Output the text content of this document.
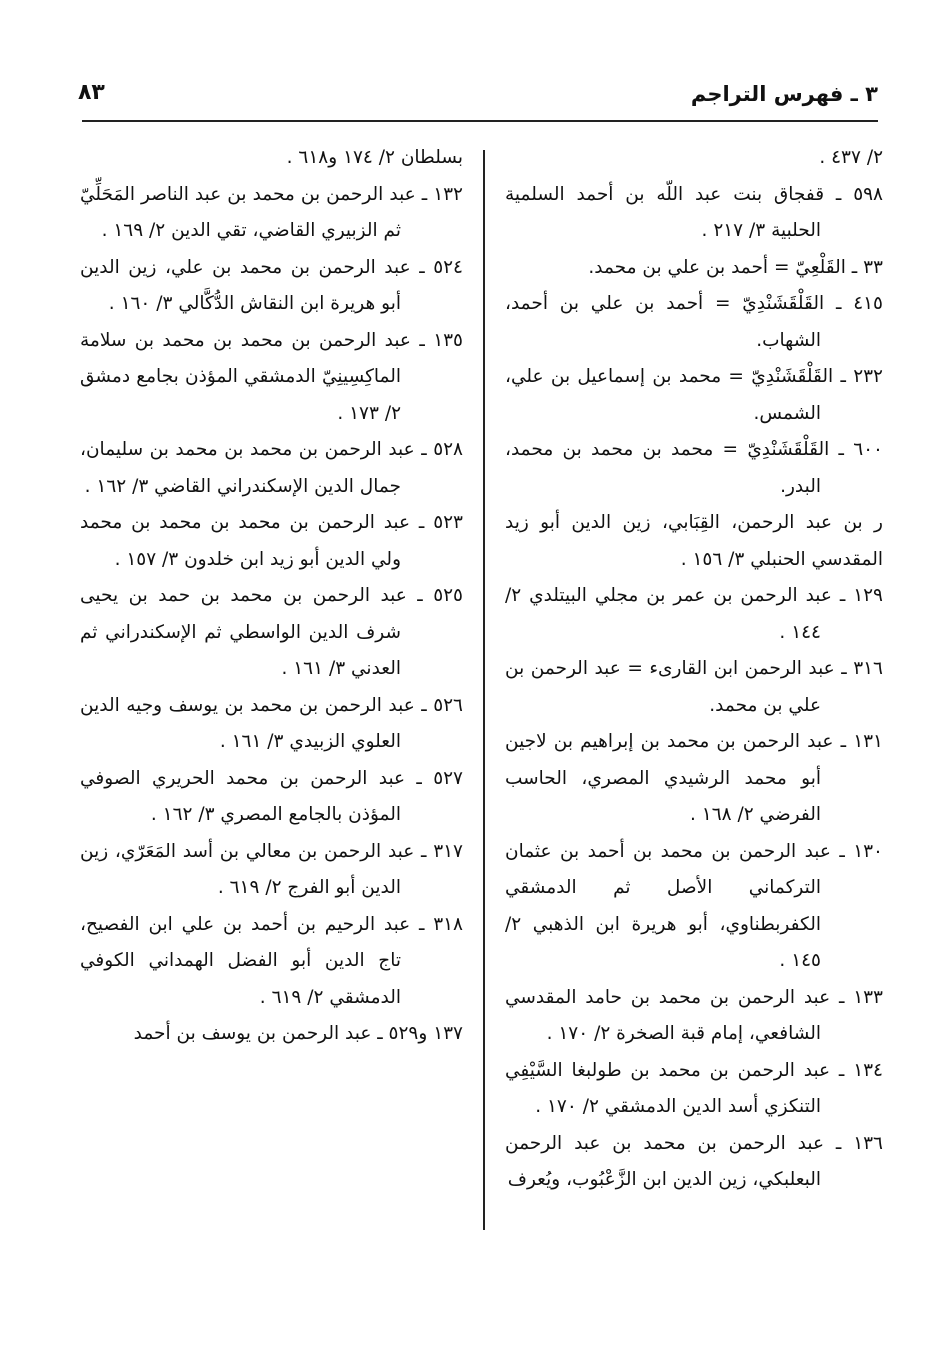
٣ ـ فهرس التراجم
٨٣

٢/ ٤٣٧ .

٥٩٨ ـ قفجاق بنت عبد اللّه بن أحمد السلمية الحلبية ٣/ ٢١٧ .

٣٣ ـ القَلْعِيّ = أحمد بن علي بن محمد.

٤١٥ ـ القَلْقَشَنْدِيّ = أحمد بن علي بن أحمد، الشهاب.

٢٣٢ ـ القَلْقَشَنْدِيّ = محمد بن إسماعيل بن علي، الشمس.

٦٠٠ ـ القَلْقَشَنْدِيّ = محمد بن محمد بن محمد، البدر.

ر بن عبد الرحمن، القِبَابي، زين الدين أبو زيد المقدسي الحنبلي ٣/ ١٥٦ .

١٢٩ ـ عبد الرحمن بن عمر بن مجلي البيتلدي ٢/ ١٤٤ .

٣١٦ ـ عبد الرحمن ابن القارىء = عبد الرحمن بن علي بن محمد.

١٣١ ـ عبد الرحمن بن محمد بن إبراهيم بن لاجين أبو محمد الرشيدي المصري، الحاسب الفرضي ٢/ ١٦٨ .

١٣٠ ـ عبد الرحمن بن محمد بن أحمد بن عثمان التركماني الأصل ثم الدمشقي الكفربطناوي، أبو هريرة ابن الذهبي ٢/ ١٤٥ .

١٣٣ ـ عبد الرحمن بن محمد بن حامد المقدسي الشافعي، إمام قبة الصخرة ٢/ ١٧٠ .

١٣٤ ـ عبد الرحمن بن محمد بن طولبغا السَّيْفِي التنكزي أسد الدين الدمشقي ٢/ ١٧٠ .

١٣٦ ـ عبد الرحمن بن محمد بن عبد الرحمن البعلبكي، زين الدين ابن الزَّعْبُوب، ويُعرف

بسلطان ٢/ ١٧٤ و٦١٨ .

١٣٢ ـ عبد الرحمن بن محمد بن عبد الناصر المَحَلِّيّ ثم الزبيري القاضي، تقي الدين ٢/ ١٦٩ .

٥٢٤ ـ عبد الرحمن بن محمد بن علي، زين الدين أبو هريرة ابن النقاش الدُّكَّالي ٣/ ١٦٠ .

١٣٥ ـ عبد الرحمن بن محمد بن محمد بن سلامة الماكِسِينِيّ الدمشقي المؤذن بجامع دمشق ٢/ ١٧٣ .

٥٢٨ ـ عبد الرحمن بن محمد بن محمد بن سليمان، جمال الدين الإسكندراني القاضي ٣/ ١٦٢ .

٥٢٣ ـ عبد الرحمن بن محمد بن محمد بن محمد ولي الدين أبو زيد ابن خلدون ٣/ ١٥٧ .

٥٢٥ ـ عبد الرحمن بن محمد بن حمد بن يحيى شرف الدين الواسطي ثم الإسكندراني ثم العدني ٣/ ١٦١ .

٥٢٦ ـ عبد الرحمن بن محمد بن يوسف وجيه الدين العلوي الزبيدي ٣/ ١٦١ .

٥٢٧ ـ عبد الرحمن بن محمد الحريري الصوفي المؤذن بالجامع المصري ٣/ ١٦٢ .

٣١٧ ـ عبد الرحمن بن معالي بن أسد المَعَرّي، زين الدين أبو الفرج ٢/ ٦١٩ .

٣١٨ ـ عبد الرحيم بن أحمد بن علي ابن الفصيح، تاج الدين أبو الفضل الهمداني الكوفي الدمشقي ٢/ ٦١٩ .

١٣٧ و٥٢٩ ـ عبد الرحمن بن يوسف بن أحمد
